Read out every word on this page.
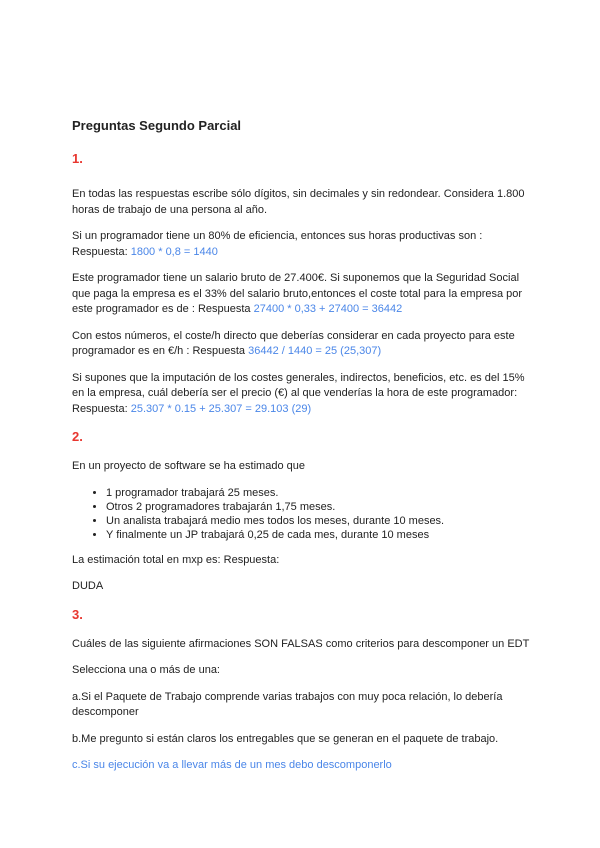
Preguntas Segundo Parcial
1.

En todas las respuestas escribe sólo dígitos, sin decimales y sin redondear. Considera 1.800 horas de trabajo de una persona al año.

Si un programador tiene un 80% de eficiencia, entonces sus horas productivas son : Respuesta: 1800 * 0,8 = 1440

Este programador tiene un salario bruto de 27.400€. Si suponemos que la Seguridad Social que paga la empresa es el 33% del salario bruto,entonces el coste total para la empresa por este programador es de : Respuesta 27400 * 0,33 + 27400 = 36442

Con estos números, el coste/h directo que deberías considerar en cada proyecto para este programador es en €/h : Respuesta 36442 / 1440 = 25 (25,307)

Si supones que la imputación de los costes generales, indirectos, beneficios, etc. es del 15% en la empresa, cuál debería ser el precio (€) al que venderías la hora de este programador: Respuesta: 25.307 * 0.15 + 25.307 = 29.103 (29)

2.

En un proyecto de software se ha estimado que

• 1 programador trabajará 25 meses.
• Otros 2 programadores trabajarán 1,75 meses.
• Un analista trabajará medio mes todos los meses, durante 10 meses.
• Y finalmente un JP trabajará 0,25 de cada mes, durante 10 meses

La estimación total en mxp es: Respuesta:

DUDA

3.

Cuáles de las siguiente afirmaciones SON FALSAS como criterios para descomponer un EDT

Selecciona una o más de una:

a.Si el Paquete de Trabajo comprende varias trabajos con muy poca relación, lo debería descomponer

b.Me pregunto si están claros los entregables que se generan en el paquete de trabajo.

c.Si su ejecución va a llevar más de un mes debo descomponerlo
